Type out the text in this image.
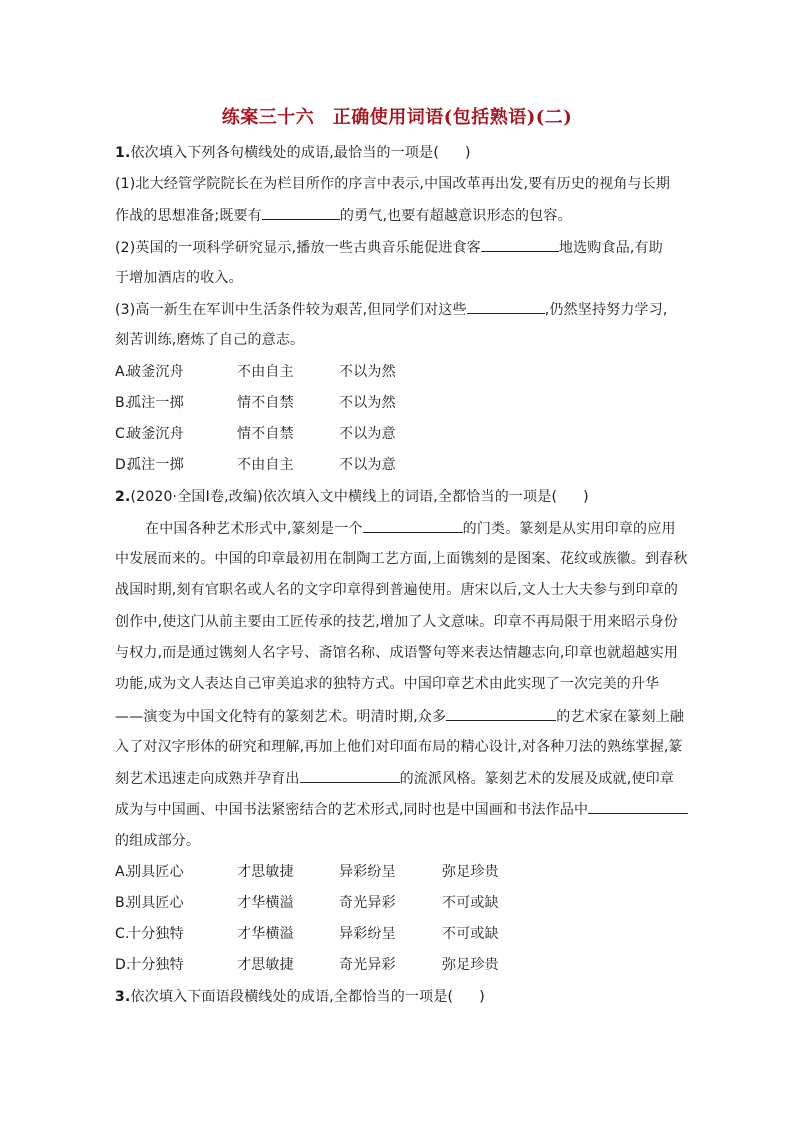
练案三十六　正确使用词语(包括熟语)(二)
1.依次填入下列各句横线处的成语,最恰当的一项是( )
(1)北大经管学院院长在为栏目所作的序言中表示,中国改革再出发,要有历史的视角与长期
作战的思想准备;既要有	的勇气,也要有超越意识形态的包容。
(2)英国的一项科学研究显示,播放一些古典音乐能促进食客	地选购食品,有助
于增加酒店的收入。
(3)高一新生在军训中生活条件较为艰苦,但同学们对这些	,仍然坚持努力学习,
刻苦训练,磨炼了自己的意志。
A.
破釜沉舟	不由自主	不以为然
B.
孤注一掷	情不自禁	不以为然
C.
破釜沉舟	情不自禁	不以为意
D.
孤注一掷	不由自主	不以为意
2.(2020·全国Ⅰ卷,改编)依次填入文中横线上的词语,全都恰当的一项是( )
在中国各种艺术形式中,篆刻是一个	的门类。篆刻是从实用印章的应用
中发展而来的。中国的印章最初用在制陶工艺方面,上面镌刻的是图案、花纹或族徽。到春秋
战国时期,刻有官职名或人名的文字印章得到普遍使用。唐宋以后,文人士大夫参与到印章的
创作中,使这门从前主要由工匠传承的技艺,增加了人文意味。印章不再局限于用来昭示身份
与权力,而是通过镌刻人名字号、斋馆名称、成语警句等来表达情趣志向,印章也就超越实用
功能,成为文人表达自己审美追求的独特方式。中国印章艺术由此实现了一次完美的升华
——演变为中国文化特有的篆刻艺术。明清时期,众多	的艺术家在篆刻上融
入了对汉字形体的研究和理解,再加上他们对印面布局的精心设计,对各种刀法的熟练掌握,篆
刻艺术迅速走向成熟并孕育出	的流派风格。篆刻艺术的发展及成就,使印章
成为与中国画、中国书法紧密结合的艺术形式,同时也是中国画和书法作品中
的组成部分。
A.
别具匠心	才思敏捷	异彩纷呈	弥足珍贵
B.
别具匠心	才华横溢	奇光异彩	不可或缺
C.
十分独特	才华横溢	异彩纷呈	不可或缺
D.
十分独特	才思敏捷	奇光异彩	弥足珍贵
3.依次填入下面语段横线处的成语,全都恰当的一项是( )
